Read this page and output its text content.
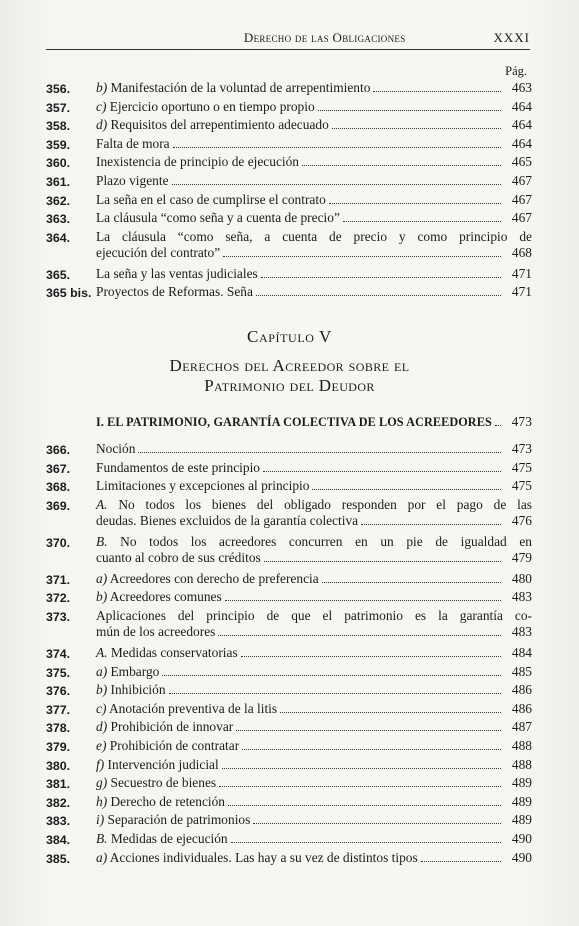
Derecho de las Obligaciones	XXXI
Pág.
356.	b) Manifestación de la voluntad de arrepentimiento	463
357.	c) Ejercicio oportuno o en tiempo propio	464
358.	d) Requisitos del arrepentimiento adecuado	464
359.	Falta de mora	464
360.	Inexistencia de principio de ejecución	465
361.	Plazo vigente	467
362.	La seña en el caso de cumplirse el contrato	467
363.	La cláusula “como seña y a cuenta de precio”	467
364.	La cláusula “como seña, a cuenta de precio y como principio de
ejecución del contrato”	468
365.	La seña y las ventas judiciales	471
365 bis. Proyectos de Reformas. Seña	471
Capítulo V
Derechos del Acreedor sobre el
Patrimonio del Deudor
I. EL PATRIMONIO, GARANTÍA COLECTIVA DE LOS ACREEDORES	473
366.	Noción	473
367.	Fundamentos de este principio	475
368.	Limitaciones y excepciones al principio	475
369.	A. No todos los bienes del obligado responden por el pago de las
deudas. Bienes excluidos de la garantía colectiva	476
370.	B. No todos los acreedores concurren en un pie de igualdad en
cuanto al cobro de sus créditos	479
371.	a) Acreedores con derecho de preferencia	480
372.	b) Acreedores comunes	483
373.	Aplicaciones del principio de que el patrimonio es la garantía co-
mún de los acreedores	483
374.	A. Medidas conservatorias	484
375.	a) Embargo	485
376.	b) Inhibición	486
377.	c) Anotación preventiva de la litis	486
378.	d) Prohibición de innovar	487
379.	e) Prohibición de contratar	488
380.	f) Intervención judicial	488
381.	g) Secuestro de bienes	489
382.	h) Derecho de retención	489
383.	i) Separación de patrimonios	489
384.	B. Medidas de ejecución	490
385.	a) Acciones individuales. Las hay a su vez de distintos tipos	490
